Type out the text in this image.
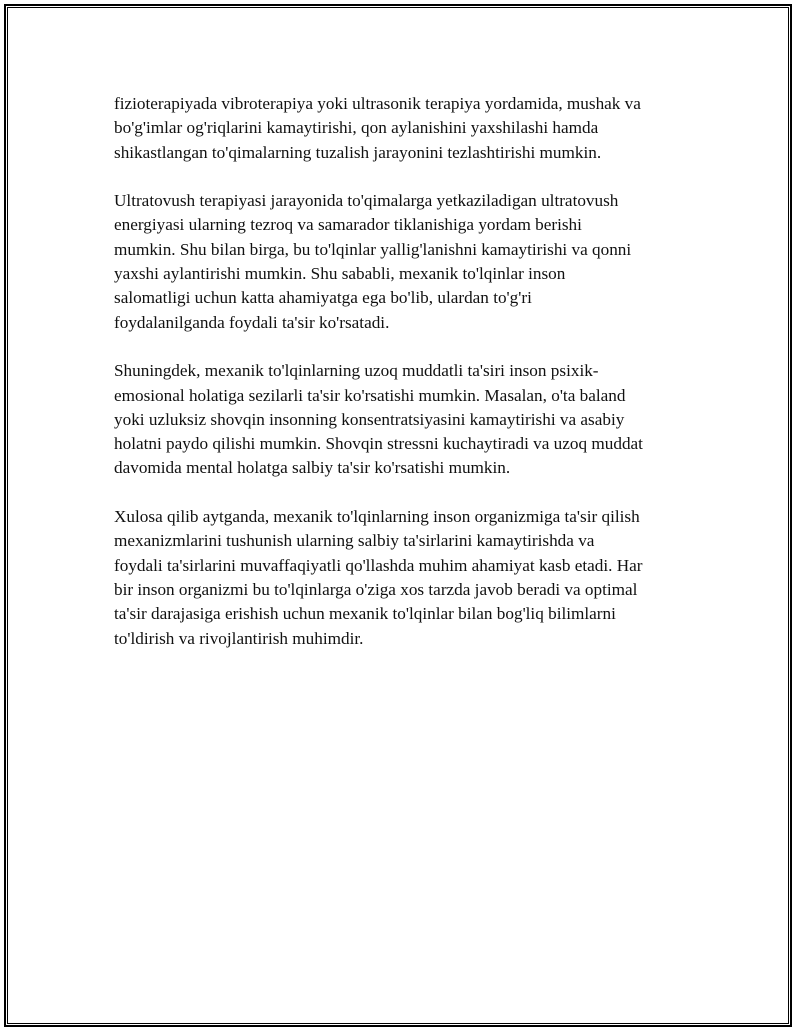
fizioterapiyada vibroterapiya yoki ultrasonik terapiya yordamida, mushak va
bo'g'imlar og'riqlarini kamaytirishi, qon aylanishini yaxshilashi hamda
shikastlangan to'qimalarning tuzalish jarayonini tezlashtirishi mumkin.

Ultratovush terapiyasi jarayonida to'qimalarga yetkaziladigan ultratovush
energiyasi ularning tezroq va samarador tiklanishiga yordam berishi
mumkin. Shu bilan birga, bu to'lqinlar yallig'lanishni kamaytirishi va qonni
yaxshi aylantirishi mumkin. Shu sababli, mexanik to'lqinlar inson
salomatligi uchun katta ahamiyatga ega bo'lib, ulardan to'g'ri
foydalanilganda foydali ta'sir ko'rsatadi.

Shuningdek, mexanik to'lqinlarning uzoq muddatli ta'siri inson psixik-
emosional holatiga sezilarli ta'sir ko'rsatishi mumkin. Masalan, o'ta baland
yoki uzluksiz shovqin insonning konsentratsiyasini kamaytirishi va asabiy
holatni paydo qilishi mumkin. Shovqin stressni kuchaytiradi va uzoq muddat
davomida mental holatga salbiy ta'sir ko'rsatishi mumkin.

Xulosa qilib aytganda, mexanik to'lqinlarning inson organizmiga ta'sir qilish
mexanizmlarini tushunish ularning salbiy ta'sirlarini kamaytirishda va
foydali ta'sirlarini muvaffaqiyatli qo'llashda muhim ahamiyat kasb etadi. Har
bir inson organizmi bu to'lqinlarga o'ziga xos tarzda javob beradi va optimal
ta'sir darajasiga erishish uchun mexanik to'lqinlar bilan bog'liq bilimlarni
to'ldirish va rivojlantirish muhimdir.
